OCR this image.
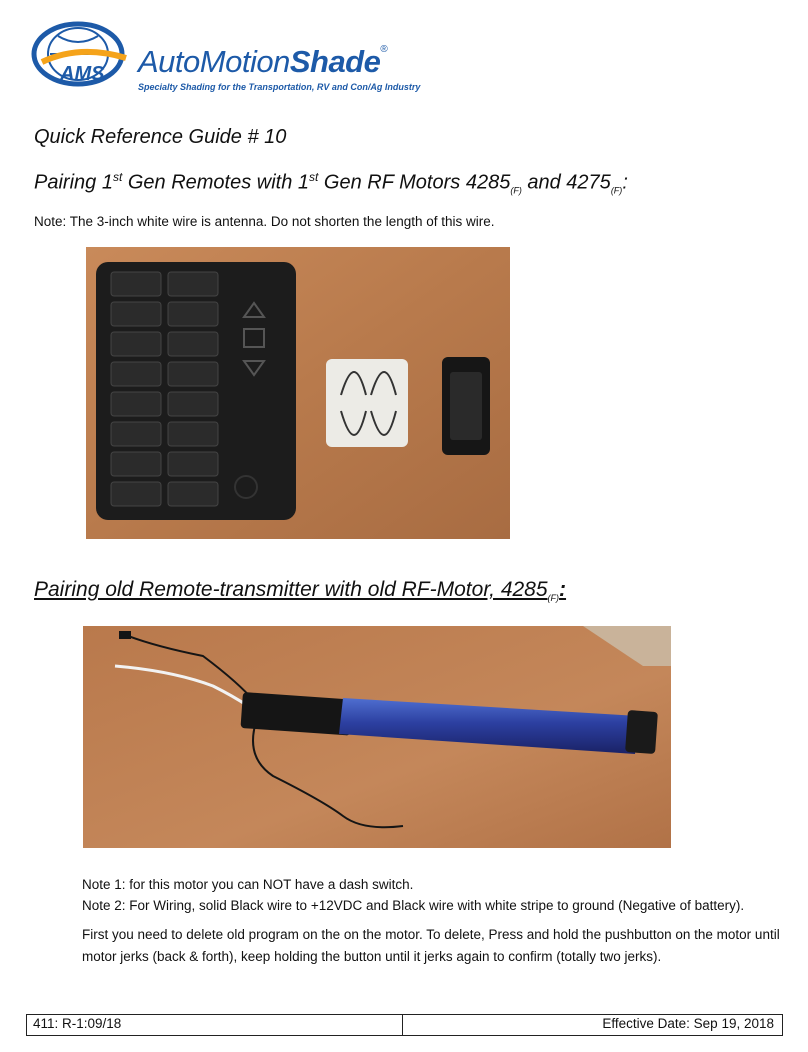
AMS AutoMotionShade®
Specialty Shading for the Transportation, RV and Con/Ag Industry
Quick Reference Guide # 10
Pairing 1st Gen Remotes with 1st Gen RF Motors $4285_{(F)}$ and $4275_{(F)}$:
Note: The 3-inch white wire is antenna. Do not shorten the length of this wire.
Pairing old Remote-transmitter with old RF-Motor, $4285_{(F)}$:

Note 1: for this motor you can NOT have a dash switch.

Note 2: For Wiring, solid Black wire to +12VDC and Black wire with white stripe to ground (Negative of battery).

First you need to delete old program on the on the motor. To delete, Press and hold the pushbutton on the motor until motor jerks (back & forth), keep holding the button until it jerks again to confirm (totally two jerks).

411: R-1:09/18	Effective Date: Sep 19, 2018
